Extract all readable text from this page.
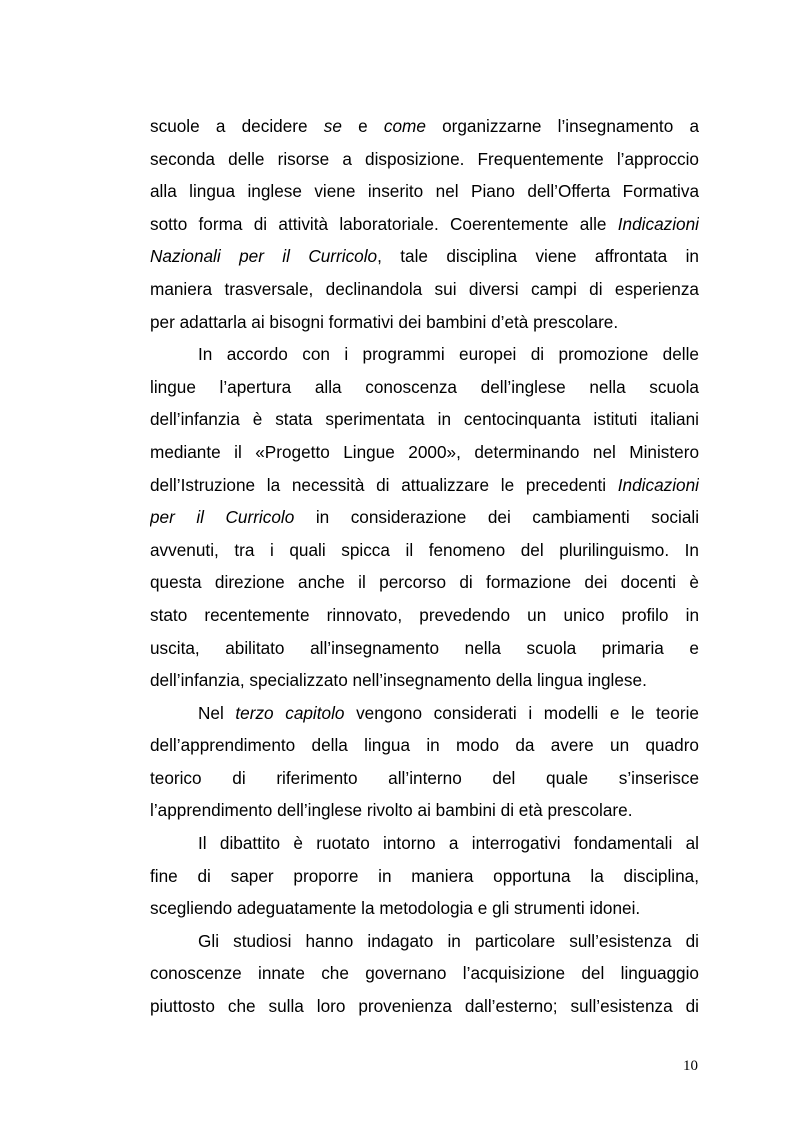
scuole a decidere se e come organizzarne l’insegnamento a
seconda delle risorse a disposizione. Frequentemente l’approccio
alla lingua inglese viene inserito nel Piano dell’Offerta Formativa
sotto forma di attività laboratoriale. Coerentemente alle Indicazioni
Nazionali per il Curricolo, tale disciplina viene affrontata in
maniera trasversale, declinandola sui diversi campi di esperienza
per adattarla ai bisogni formativi dei bambini d’età prescolare.
In accordo con i programmi europei di promozione delle
lingue l’apertura alla conoscenza dell’inglese nella scuola
dell’infanzia è stata sperimentata in centocinquanta istituti italiani
mediante il «Progetto Lingue 2000», determinando nel Ministero
dell’Istruzione la necessità di attualizzare le precedenti Indicazioni
per il Curricolo in considerazione dei cambiamenti sociali
avvenuti, tra i quali spicca il fenomeno del plurilinguismo. In
questa direzione anche il percorso di formazione dei docenti è
stato recentemente rinnovato, prevedendo un unico profilo in
uscita, abilitato all’insegnamento nella scuola primaria e
dell’infanzia, specializzato nell’insegnamento della lingua inglese.
Nel terzo capitolo vengono considerati i modelli e le teorie
dell’apprendimento della lingua in modo da avere un quadro
teorico di riferimento all’interno del quale s’inserisce
l’apprendimento dell’inglese rivolto ai bambini di età prescolare.
Il dibattito è ruotato intorno a interrogativi fondamentali al
fine di saper proporre in maniera opportuna la disciplina,
scegliendo adeguatamente la metodologia e gli strumenti idonei.
Gli studiosi hanno indagato in particolare sull’esistenza di
conoscenze innate che governano l’acquisizione del linguaggio
piuttosto che sulla loro provenienza dall’esterno; sull’esistenza di
10
